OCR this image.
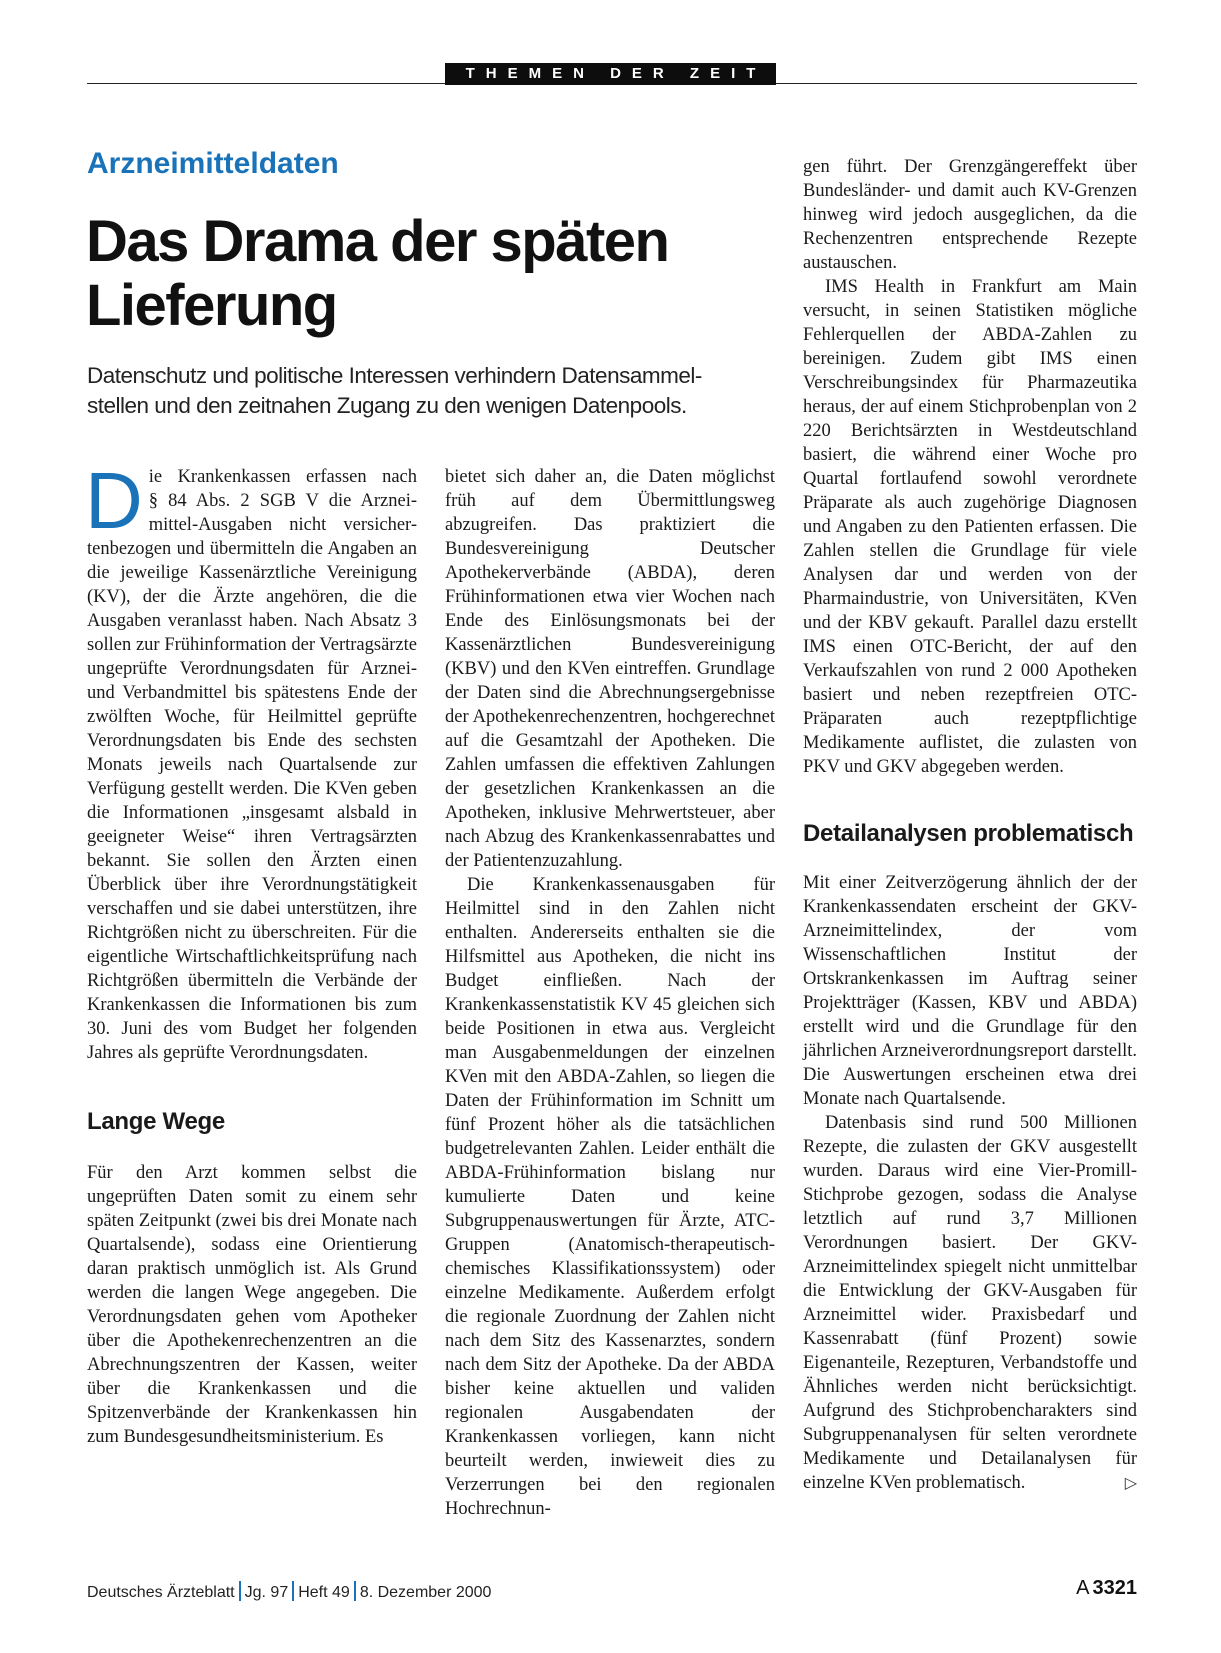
THEMEN DER ZEIT
Arzneimitteldaten
Das Drama der späten
Lieferung
Datenschutz und politische Interessen verhindern Datensammel-
stellen und den zeitnahen Zugang zu den wenigen Datenpools.
D ie Krankenkassen erfassen nach
§ 84 Abs. 2 SGB V die Arznei-
mittel-Ausgaben nicht versicher-

tenbezogen und übermitteln die Angaben an die jeweilige Kassenärztliche Vereinigung (KV), der die Ärzte angehören, die die Ausgaben veranlasst haben. Nach Absatz 3 sollen zur Frühinformation der Vertragsärzte ungeprüfte Verordnungsdaten für Arznei- und Verbandmittel bis spätestens Ende der zwölften Woche, für Heilmittel geprüfte Verordnungsdaten bis Ende des sechsten Monats jeweils nach Quartalsende zur Verfügung gestellt werden. Die KVen geben die Informationen „insgesamt alsbald in geeigneter Weise“ ihren Vertragsärzten bekannt. Sie sollen den Ärzten einen Überblick über ihre Verordnungstätigkeit verschaffen und sie dabei unterstützen, ihre Richtgrößen nicht zu überschreiten. Für die eigentliche Wirtschaftlichkeitsprüfung nach Richtgrößen übermitteln die Verbände der Krankenkassen die Informationen bis zum 30. Juni des vom Budget her folgenden Jahres als geprüfte Verordnungsdaten.

Lange Wege

Für den Arzt kommen selbst die ungeprüften Daten somit zu einem sehr späten Zeitpunkt (zwei bis drei Monate nach Quartalsende), sodass eine Orientierung daran praktisch unmöglich ist. Als Grund werden die langen Wege angegeben. Die Verordnungsdaten gehen vom Apotheker über die Apothekenrechenzentren an die Abrechnungszentren der Kassen, weiter über die Krankenkassen und die Spitzenverbände der Krankenkassen hin zum Bundesgesundheitsministerium. Es

bietet sich daher an, die Daten möglichst früh auf dem Übermittlungsweg abzugreifen. Das praktiziert die Bundesvereinigung Deutscher Apothekerverbände (ABDA), deren Frühinformationen etwa vier Wochen nach Ende des Einlösungsmonats bei der Kassenärztlichen Bundesvereinigung (KBV) und den KVen eintreffen. Grundlage der Daten sind die Abrechnungsergebnisse der Apothekenrechenzentren, hochgerechnet auf die Gesamtzahl der Apotheken. Die Zahlen umfassen die effektiven Zahlungen der gesetzlichen Krankenkassen an die Apotheken, inklusive Mehrwertsteuer, aber nach Abzug des Krankenkassenrabattes und der Patientenzuzahlung.

Die Krankenkassenausgaben für Heilmittel sind in den Zahlen nicht enthalten. Andererseits enthalten sie die Hilfsmittel aus Apotheken, die nicht ins Budget einfließen. Nach der Krankenkassenstatistik KV 45 gleichen sich beide Positionen in etwa aus. Vergleicht man Ausgabenmeldungen der einzelnen KVen mit den ABDA-Zahlen, so liegen die Daten der Frühinformation im Schnitt um fünf Prozent höher als die tatsächlichen budgetrelevanten Zahlen. Leider enthält die ABDA-Frühinformation bislang nur kumulierte Daten und keine Subgruppenauswertungen für Ärzte, ATC-Gruppen (Anatomisch-therapeutisch-chemisches Klassifikationssystem) oder einzelne Medikamente. Außerdem erfolgt die regionale Zuordnung der Zahlen nicht nach dem Sitz des Kassenarztes, sondern nach dem Sitz der Apotheke. Da der ABDA bisher keine aktuellen und validen regionalen Ausgabendaten der Krankenkassen vorliegen, kann nicht beurteilt werden, inwieweit dies zu Verzerrungen bei den regionalen Hochrechnun-

gen führt. Der Grenzgängereffekt über Bundesländer- und damit auch KV-Grenzen hinweg wird jedoch ausgeglichen, da die Rechenzentren entsprechende Rezepte austauschen.

IMS Health in Frankfurt am Main versucht, in seinen Statistiken mögliche Fehlerquellen der ABDA-Zahlen zu bereinigen. Zudem gibt IMS einen Verschreibungsindex für Pharmazeutika heraus, der auf einem Stichprobenplan von 2 220 Berichtsärzten in Westdeutschland basiert, die während einer Woche pro Quartal fortlaufend sowohl verordnete Präparate als auch zugehörige Diagnosen und Angaben zu den Patienten erfassen. Die Zahlen stellen die Grundlage für viele Analysen dar und werden von der Pharmaindustrie, von Universitäten, KVen und der KBV gekauft. Parallel dazu erstellt IMS einen OTC-Bericht, der auf den Verkaufszahlen von rund 2 000 Apotheken basiert und neben rezeptfreien OTC-Präparaten auch rezeptpflichtige Medikamente auflistet, die zulasten von PKV und GKV abgegeben werden.

Detailanalysen problematisch

Mit einer Zeitverzögerung ähnlich der der Krankenkassendaten erscheint der GKV-Arzneimittelindex, der vom Wissenschaftlichen Institut der Ortskrankenkassen im Auftrag seiner Projektträger (Kassen, KBV und ABDA) erstellt wird und die Grundlage für den jährlichen Arzneiverordnungsreport darstellt. Die Auswertungen erscheinen etwa drei Monate nach Quartalsende.

Datenbasis sind rund 500 Millionen Rezepte, die zulasten der GKV ausgestellt wurden. Daraus wird eine Vier-Promill-Stichprobe gezogen, sodass die Analyse letztlich auf rund 3,7 Millionen Verordnungen basiert. Der GKV-Arzneimittelindex spiegelt nicht unmittelbar die Entwicklung der GKV-Ausgaben für Arzneimittel wider. Praxisbedarf und Kassenrabatt (fünf Prozent) sowie Eigenanteile, Rezepturen, Verbandstoffe und Ähnliches werden nicht berücksichtigt. Aufgrund des Stichprobencharakters sind Subgruppenanalysen für selten verordnete Medikamente und Detailanalysen für einzelne KVen problematisch.	▷

Deutsches Ärzteblatt Jg. 97 Heft 49 8. Dezember 2000	A 3321
